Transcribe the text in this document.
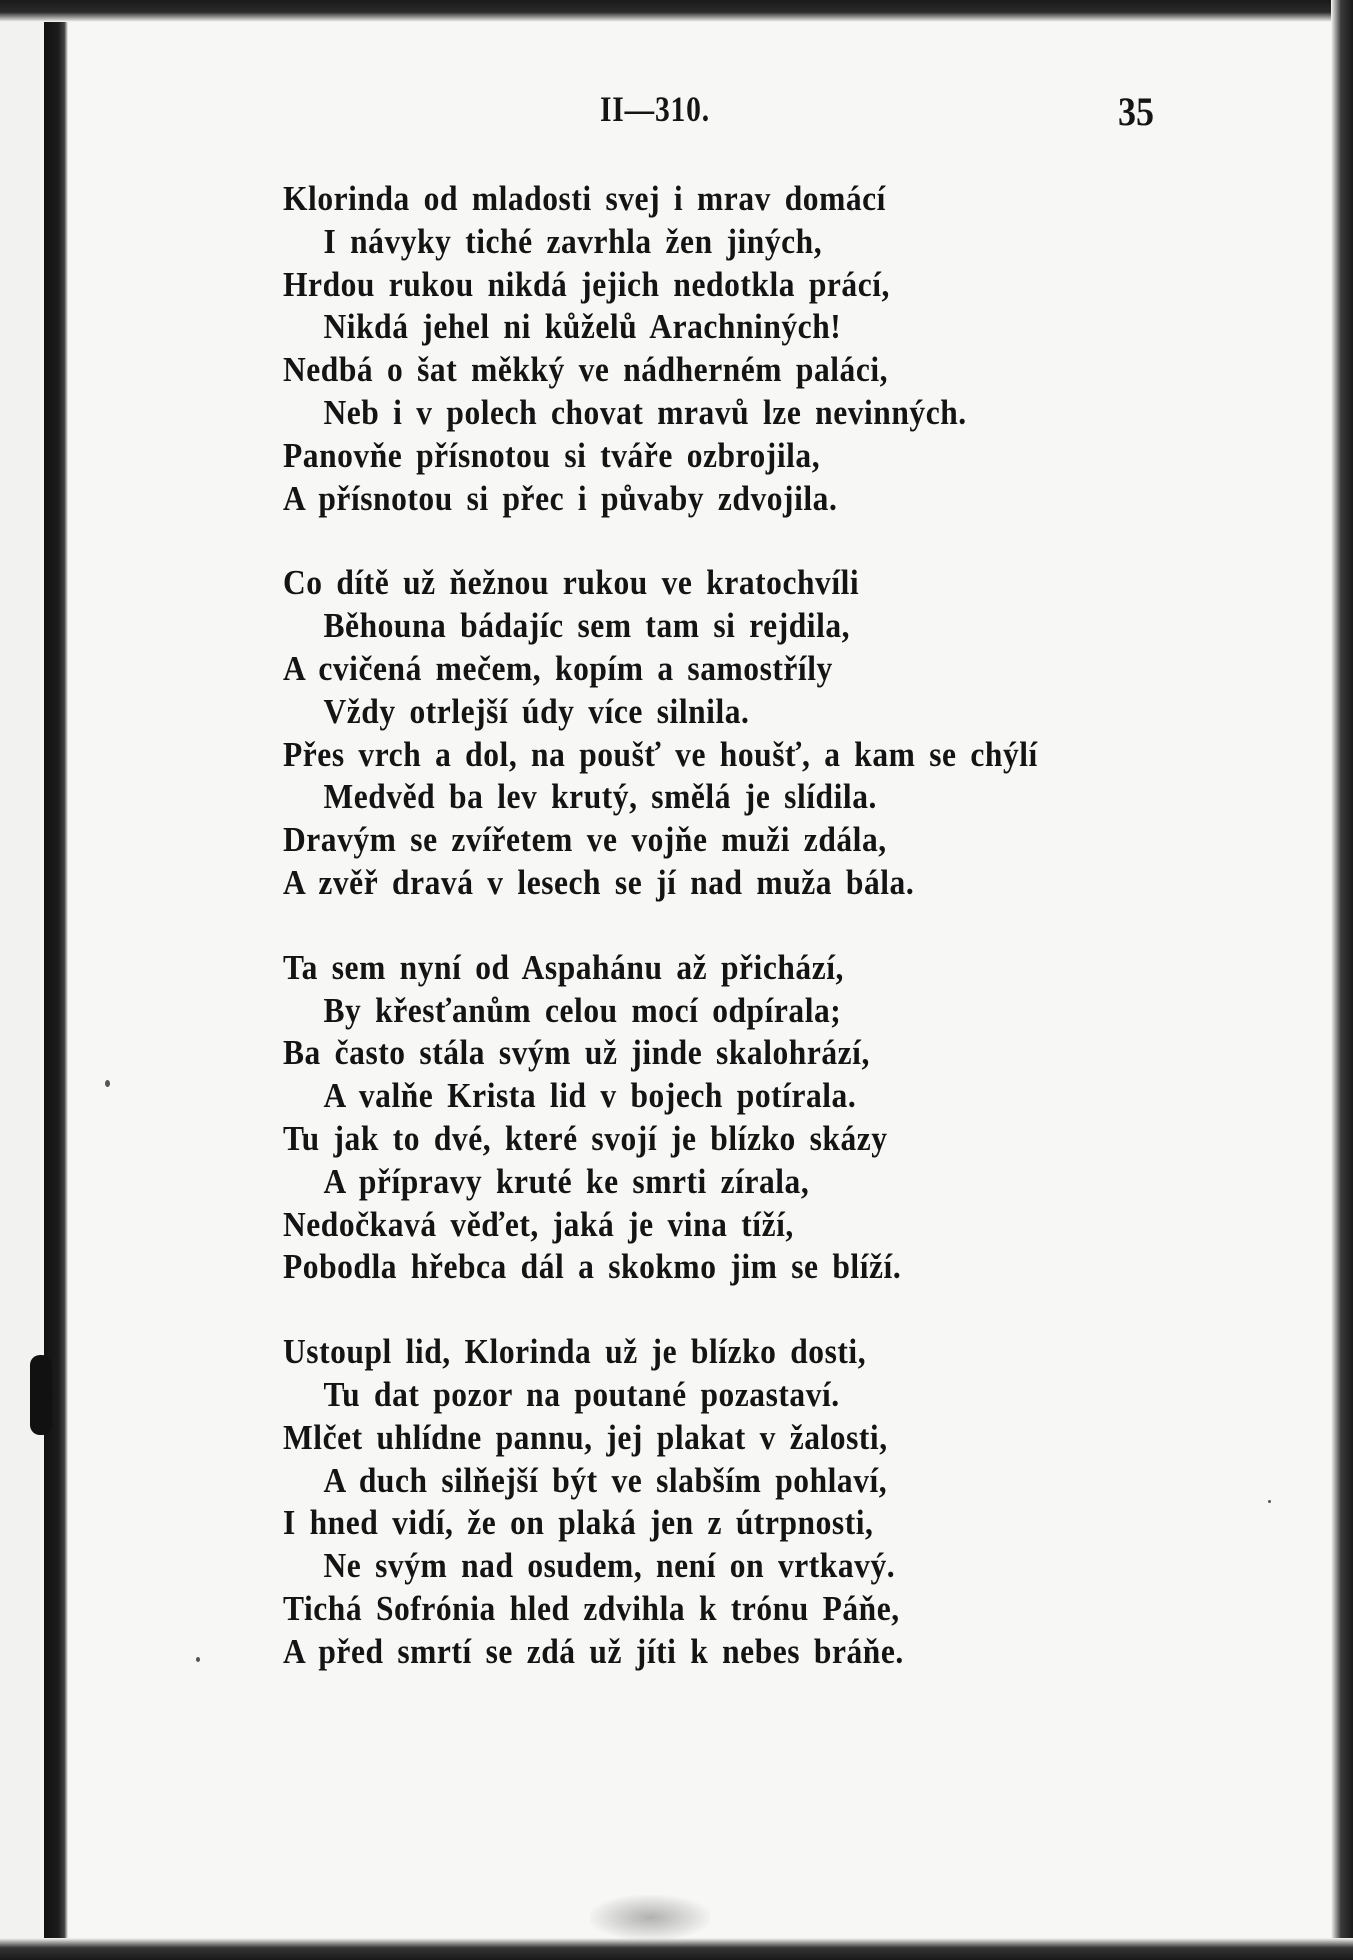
II—310.	35
Klorinda od mladosti svej i mrav domácí
I návyky tiché zavrhla žen jiných,
Hrdou rukou nikdá jejich nedotkla prácí,
Nikdá jehel ni kůželů Arachniných!
Nedbá o šat měkký ve nádherném paláci,
Neb i v polech chovat mravů lze nevinných.
Panovňe přísnotou si tváře ozbrojila,
A přísnotou si přec i půvaby zdvojila.
Co dítě už ňežnou rukou ve kratochvíli
Běhouna bádajíc sem tam si rejdila,
A cvičená mečem, kopím a samostříly
Vždy otrlejší údy více silnila.
Přes vrch a dol, na poušť ve houšť, a kam se chýlí
Medvěd ba lev krutý, smělá je slídila.
Dravým se zvířetem ve vojňe muži zdála,
A zvěř dravá v lesech se jí nad muža bála.
Ta sem nyní od Aspahánu až přichází,
By křesťanům celou mocí odpírala;
Ba často stála svým už jinde skalohrází,
A valňe Krista lid v bojech potírala.
Tu jak to dvé, které svojí je blízko skázy
A přípravy kruté ke smrti zírala,
Nedočkavá věďet, jaká je vina tíží,
Pobodla hřebca dál a skokmo jim se blíží.
Ustoupl lid, Klorinda už je blízko dosti,
Tu dat pozor na poutané pozastaví.
Mlčet uhlídne pannu, jej plakat v žalosti,
A duch silňejší být ve slabším pohlaví,
I hned vidí, že on plaká jen z útrpnosti,
Ne svým nad osudem, není on vrtkavý.
Tichá Sofrónia hled zdvihla k trónu Páňe,
A před smrtí se zdá už jíti k nebes bráňe.
